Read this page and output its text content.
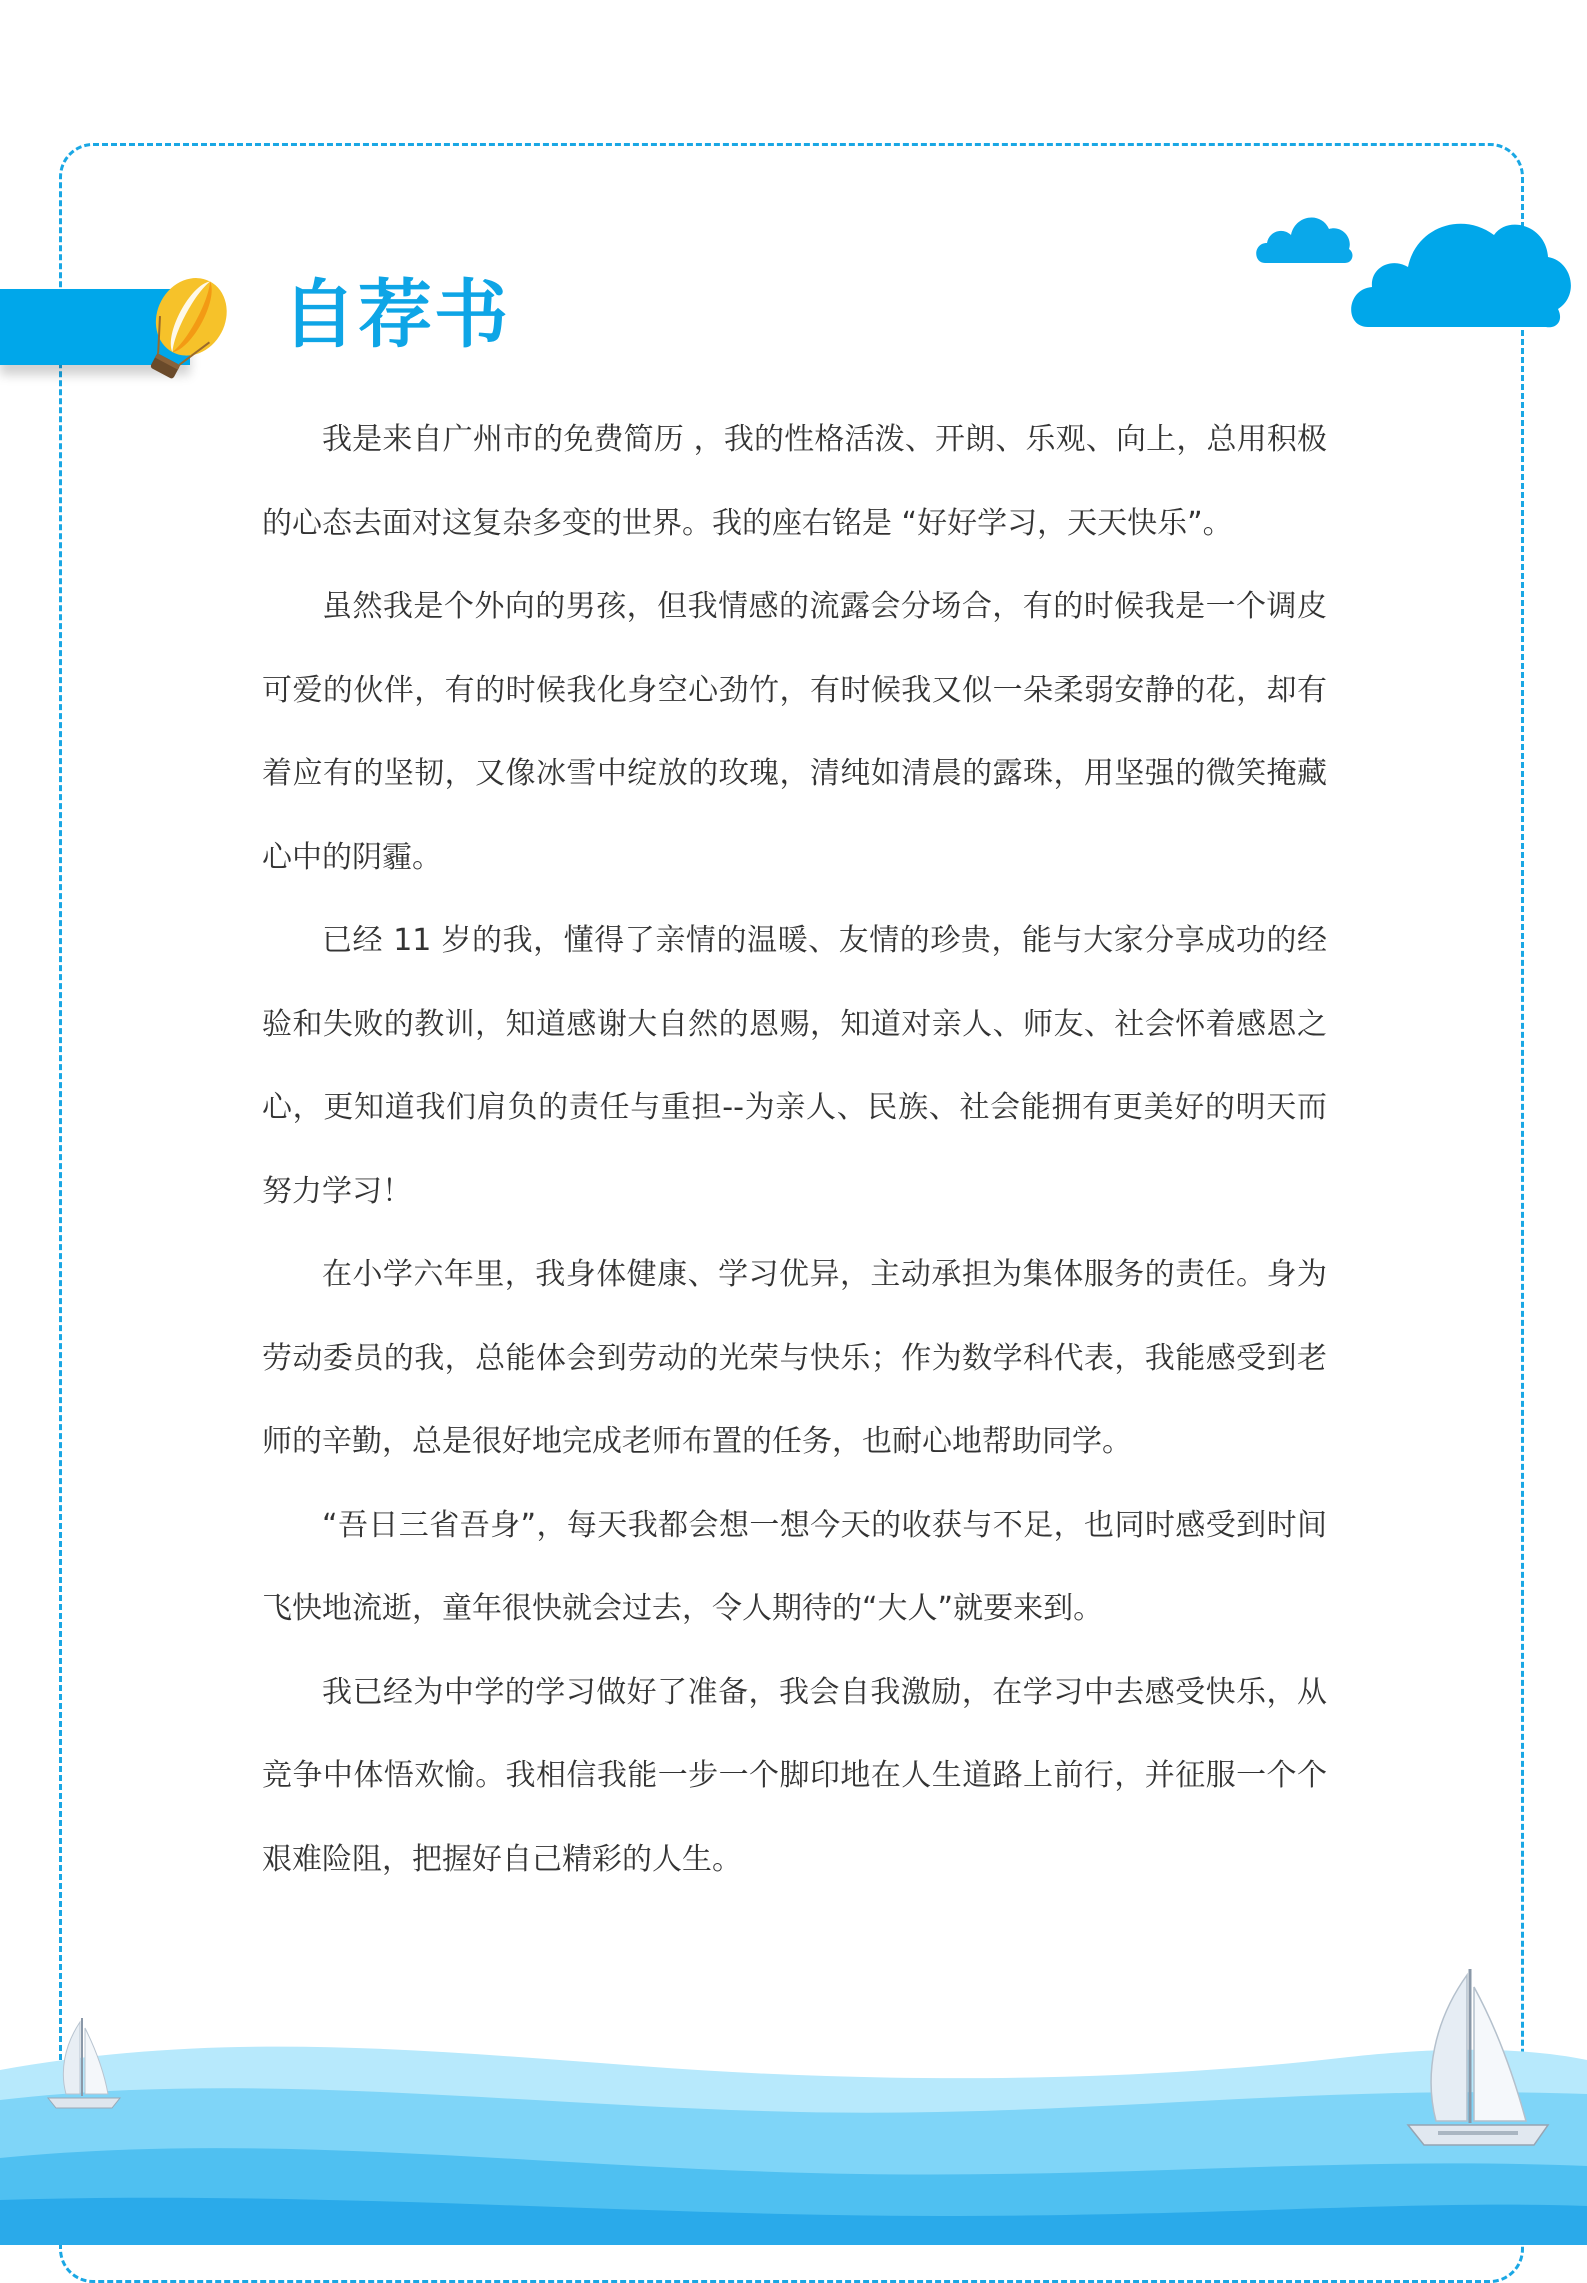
自荐书

我是来自广州市的免费简历 ，我的性格活泼、开朗、乐观、向上，总用积极的心态去面对这复杂多变的世界。我的座右铭是 “好好学习，天天快乐”。

虽然我是个外向的男孩，但我情感的流露会分场合，有的时候我是一个调皮可爱的伙伴，有的时候我化身空心劲竹，有时候我又似一朵柔弱安静的花，却有着应有的坚韧，又像冰雪中绽放的玫瑰，清纯如清晨的露珠，用坚强的微笑掩藏心中的阴霾。

已经 11 岁的我，懂得了亲情的温暖、友情的珍贵，能与大家分享成功的经验和失败的教训，知道感谢大自然的恩赐，知道对亲人、师友、社会怀着感恩之心，更知道我们肩负的责任与重担--为亲人、民族、社会能拥有更美好的明天而努力学习！

在小学六年里，我身体健康、学习优异，主动承担为集体服务的责任。身为劳动委员的我，总能体会到劳动的光荣与快乐；作为数学科代表，我能感受到老师的辛勤，总是很好地完成老师布置的任务，也耐心地帮助同学。

“吾日三省吾身”，每天我都会想一想今天的收获与不足，也同时感受到时间飞快地流逝，童年很快就会过去，令人期待的“大人”就要来到。

我已经为中学的学习做好了准备，我会自我激励，在学习中去感受快乐，从竞争中体悟欢愉。我相信我能一步一个脚印地在人生道路上前行，并征服一个个艰难险阻，把握好自己精彩的人生。
